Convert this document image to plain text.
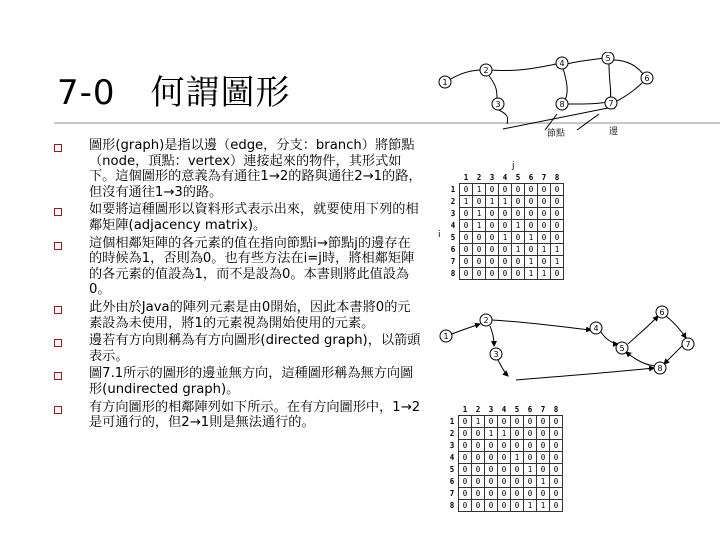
7-0　何謂圖形
圖形(graph)是指以邊（edge，分支：branch）將節點（node，頂點：vertex）連接起來的物件，其形式如下。這個圖形的意義為有通往1→2的路與通往2→1的路，但沒有通往1→3的路。
如要將這種圖形以資料形式表示出來，就要使用下列的相鄰矩陣(adjacency matrix)。
這個相鄰矩陣的各元素的值在指向節點i→節點j的邊存在的時候為1，否則為0。也有些方法在i=j時，將相鄰矩陣的各元素的值設為1，而不是設為0。本書則將此值設為0。
此外由於Java的陣列元素是由0開始，因此本書將0的元素設為未使用，將1的元素視為開始使用的元素。
邊若有方向則稱為有方向圖形(directed graph)，以箭頭表示。
圖7.1所示的圖形的邊並無方向，這種圖形稱為無方向圖形(undirected graph)。
有方向圖形的相鄰陣列如下所示。在有方向圖形中，1→2是可通行的，但2→1則是無法通行的。
1
2
3
4
5
6
7
8
節點	邊
j
i
	1	2	3	4	5	6	7	8
1	0	1	0	0	0	0	0	0
2	1	0	1	1	0	0	0	0
3	0	1	0	0	0	0	0	0
4	0	1	0	0	1	0	0	0
5	0	0	0	1	0	1	0	0
6	0	0	0	0	1	0	1	1
7	0	0	0	0	0	1	0	1
8	0	0	0	0	0	1	1	0
1
2
3
4
5
6
7
8
	1	2	3	4	5	6	7	8
1	0	1	0	0	0	0	0	0
2	0	0	1	1	0	0	0	0
3	0	0	0	0	0	0	0	0
4	0	0	0	0	1	0	0	0
5	0	0	0	0	0	1	0	0
6	0	0	0	0	0	0	1	0
7	0	0	0	0	0	0	0	0
8	0	0	0	0	0	1	1	0
